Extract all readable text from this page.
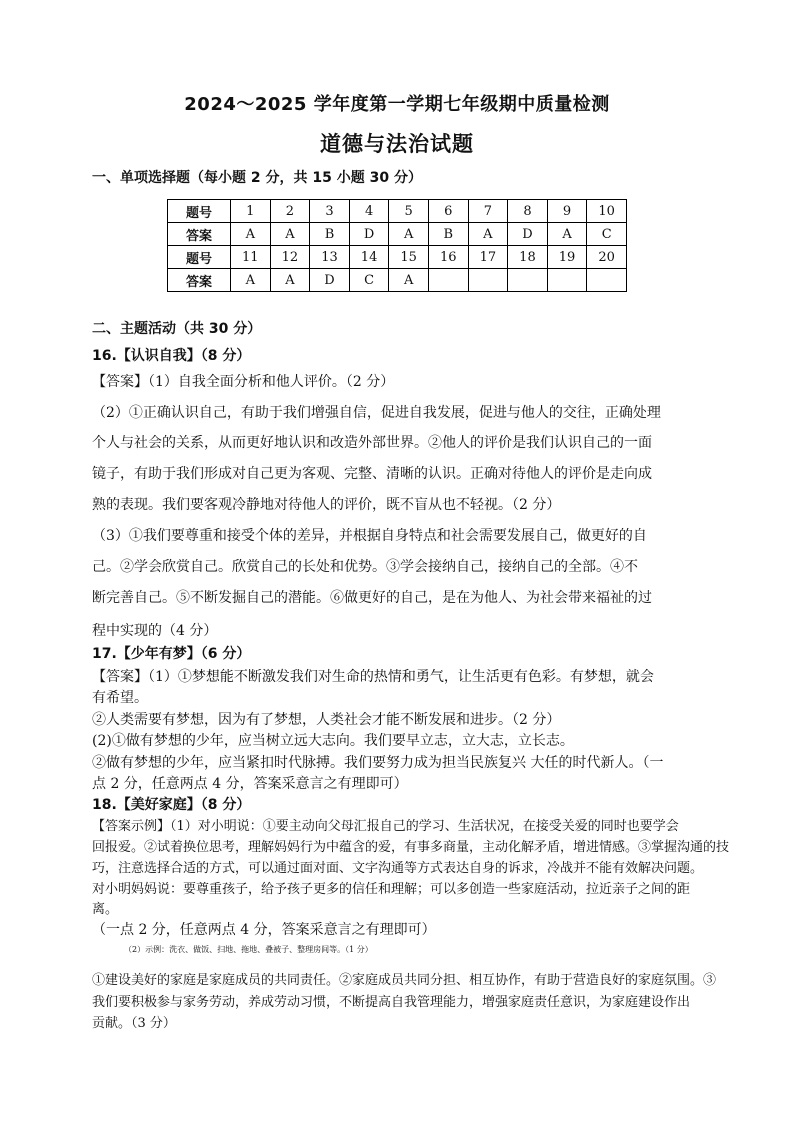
2024～2025 学年度第一学期七年级期中质量检测
道德与法治试题
一、单项选择题（每小题 2 分，共 15 小题 30 分）
题号	1	2	3	4	5	6	7	8	9	10
答案	A	A	B	D	A	B	A	D	A	C
题号	11	12	13	14	15	16	17	18	19	20
答案	A	A	D	C	A					
二、主题活动（共 30 分）
16.【认识自我】（8 分）
【答案】（1）自我全面分析和他人评价。（2 分）
（2）①正确认识自己，有助于我们增强自信，促进自我发展，促进与他人的交往，正确处理
个人与社会的关系，从而更好地认识和改造外部世界。②他人的评价是我们认识自己的一面
镜子，有助于我们形成对自己更为客观、完整、清晰的认识。正确对待他人的评价是走向成
熟的表现。我们要客观冷静地对待他人的评价，既不盲从也不轻视。（2 分）
（3）①我们要尊重和接受个体的差异，并根据自身特点和社会需要发展自己，做更好的自
己。②学会欣赏自己。欣赏自己的长处和优势。③学会接纳自己，接纳自己的全部。④不
断完善自己。⑤不断发掘自己的潜能。⑥做更好的自己，是在为他人、为社会带来福祉的过
程中实现的（4 分）
17.【少年有梦】（6 分）
【答案】（1）①梦想能不断激发我们对生命的热情和勇气，让生活更有色彩。有梦想，就会
有希望。
②人类需要有梦想，因为有了梦想，人类社会才能不断发展和进步。（2 分）
(2)①做有梦想的少年，应当树立远大志向。我们要早立志，立大志，立长志。
②做有梦想的少年，应当紧扣时代脉搏。我们要努力成为担当民族复兴 大任的时代新人。（一
点 2 分，任意两点 4 分，答案采意言之有理即可）
18.【美好家庭】（8 分）
【答案示例】（1）对小明说：①要主动向父母汇报自己的学习、生活状况，在接受关爱的同时也要学会
回报爱。②试着换位思考，理解妈妈行为中蕴含的爱，有事多商量，主动化解矛盾，增进情感。③掌握沟通的技
巧，注意选择合适的方式，可以通过面对面、文字沟通等方式表达自身的诉求，冷战并不能有效解决问题。
对小明妈妈说：要尊重孩子，给予孩子更多的信任和理解；可以多创造一些家庭活动，拉近亲子之间的距
离。
（一点 2 分，任意两点 4 分，答案采意言之有理即可）
（2）示例：洗衣、做饭、扫地、拖地、叠被子、整理房间等。（1 分）
①建设美好的家庭是家庭成员的共同责任。②家庭成员共同分担、相互协作，有助于营造良好的家庭氛围。③
我们要积极参与家务劳动，养成劳动习惯，不断提高自我管理能力，增强家庭责任意识，为家庭建设作出
贡献。（3 分）
